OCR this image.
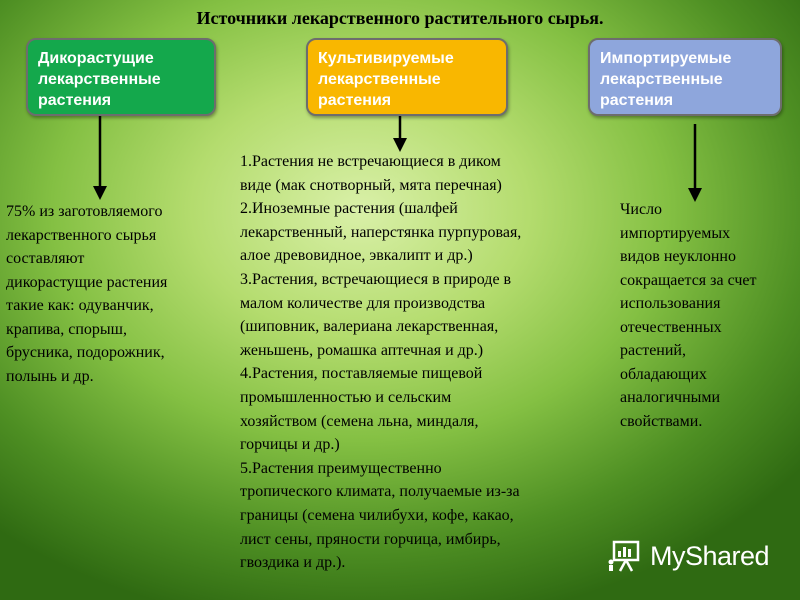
Источники лекарственного растительного сырья.
Дикорастущие
лекарственные
растения
Культивируемые
лекарственные
растения
Импортируемые
лекарственные
растения
75% из заготовляемого
лекарственного сырья
составляют
дикорастущие растения
такие как: одуванчик,
крапива, спорыш,
брусника, подорожник,
полынь и др.
1.Растения не встречающиеся в диком
виде (мак снотворный, мята перечная)
2.Иноземные растения (шалфей
лекарственный, наперстянка пурпуровая,
алое древовидное, эвкалипт и др.)
3.Растения, встречающиеся в природе в
малом количестве для производства
(шиповник, валериана лекарственная,
женьшень, ромашка аптечная и др.)
4.Растения, поставляемые пищевой
промышленностью и сельским
хозяйством (семена льна, миндаля,
горчицы и др.)
5.Растения преимущественно
тропического климата, получаемые из-за
границы (семена чилибухи, кофе, какао,
лист сены, пряности горчица, имбирь,
гвоздика и др.).
Число
импортируемых
видов неуклонно
сокращается за счет
использования
отечественных
растений,
обладающих
аналогичными
свойствами.
MyShared
